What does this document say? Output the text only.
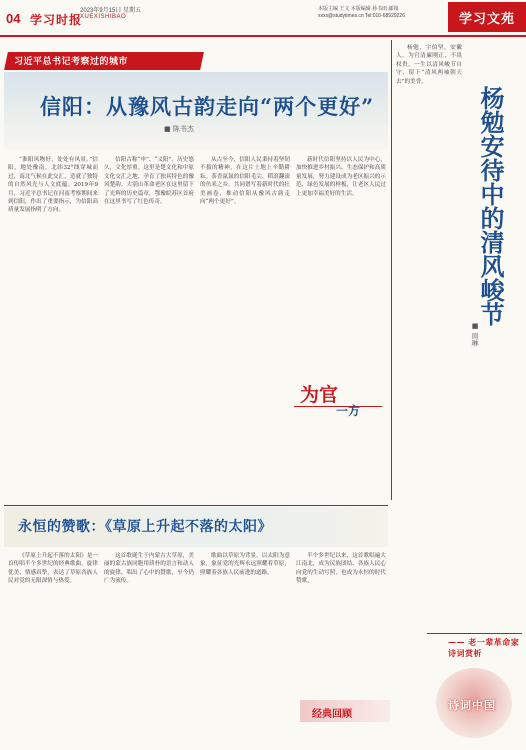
04 学习时报
2023年9月15日 星期五
XUEXISHIBAO
本版主编 王文 本版编辑 孙书雨 邮箱 xxxs@studytimes.cn Tel:010-68929226	学习文苑
习近平总书记考察过的城市
信阳：从豫风古韵走向“两个更好”
■ 陈书杰
“淮阳风物好，处处有风景。”信阳，地处豫南，北纬32°线穿城而过，南北气候在此交汇，造就了独特的自然风光与人文底蕴。2019年9月，习近平总书记在河南考察期间来到信阳，作出了重要指示，为信阳高质量发展指明了方向。
信阳古称“申”、“义阳”，历史悠久，文化厚重。这里是楚文化和中原文化交汇之地，孕育了独具特色的豫风楚韵。大别山革命老区在这里留下了光辉的历史篇章，鄂豫皖苏区首府在这里书写了红色传奇。
从古至今，信阳人民秉持着坚韧不拔的精神，在这片土地上辛勤耕耘。茶香氤氲的信阳毛尖、稻浪翻滚的鱼米之乡，共同谱写着新时代的壮美画卷，推动信阳从豫风古韵走向“两个更好”。
新时代信阳坚持以人民为中心，加快推进乡村振兴、生态保护和高质量发展，努力建设成为老区振兴的示范、绿色发展的样板，让老区人民过上更加幸福美好的生活。
为官
一方
杨勉，字伯坚，安徽人。为官清廉刚正，不畏权贵，一生以清风峻节自守，留下“清风两袖朝天去”的美誉。
杨勉安待中的清风峻节
■ 周琳
—— 老一辈革命家诗词赏析
诗词中国
永恒的赞歌：《草原上升起不落的太阳》
《草原上升起不落的太阳》是一首传唱半个多世纪的经典歌曲，旋律优美、情感真挚，表达了草原各族人民对党的无限深情与热爱。
这首歌诞生于内蒙古大草原，美丽的蒙古族同胞用质朴的语言和动人的旋律，唱出了心中的赞歌，至今仍广为流传。
歌曲以草原为背景，以太阳为意象，象征党的光辉永远照耀着草原，照耀着各族人民前进的道路。
半个多世纪以来，这首歌唱遍大江南北，成为民族团结、各族人民心向党的生动写照，也成为永恒的时代赞歌。
经典回顾
